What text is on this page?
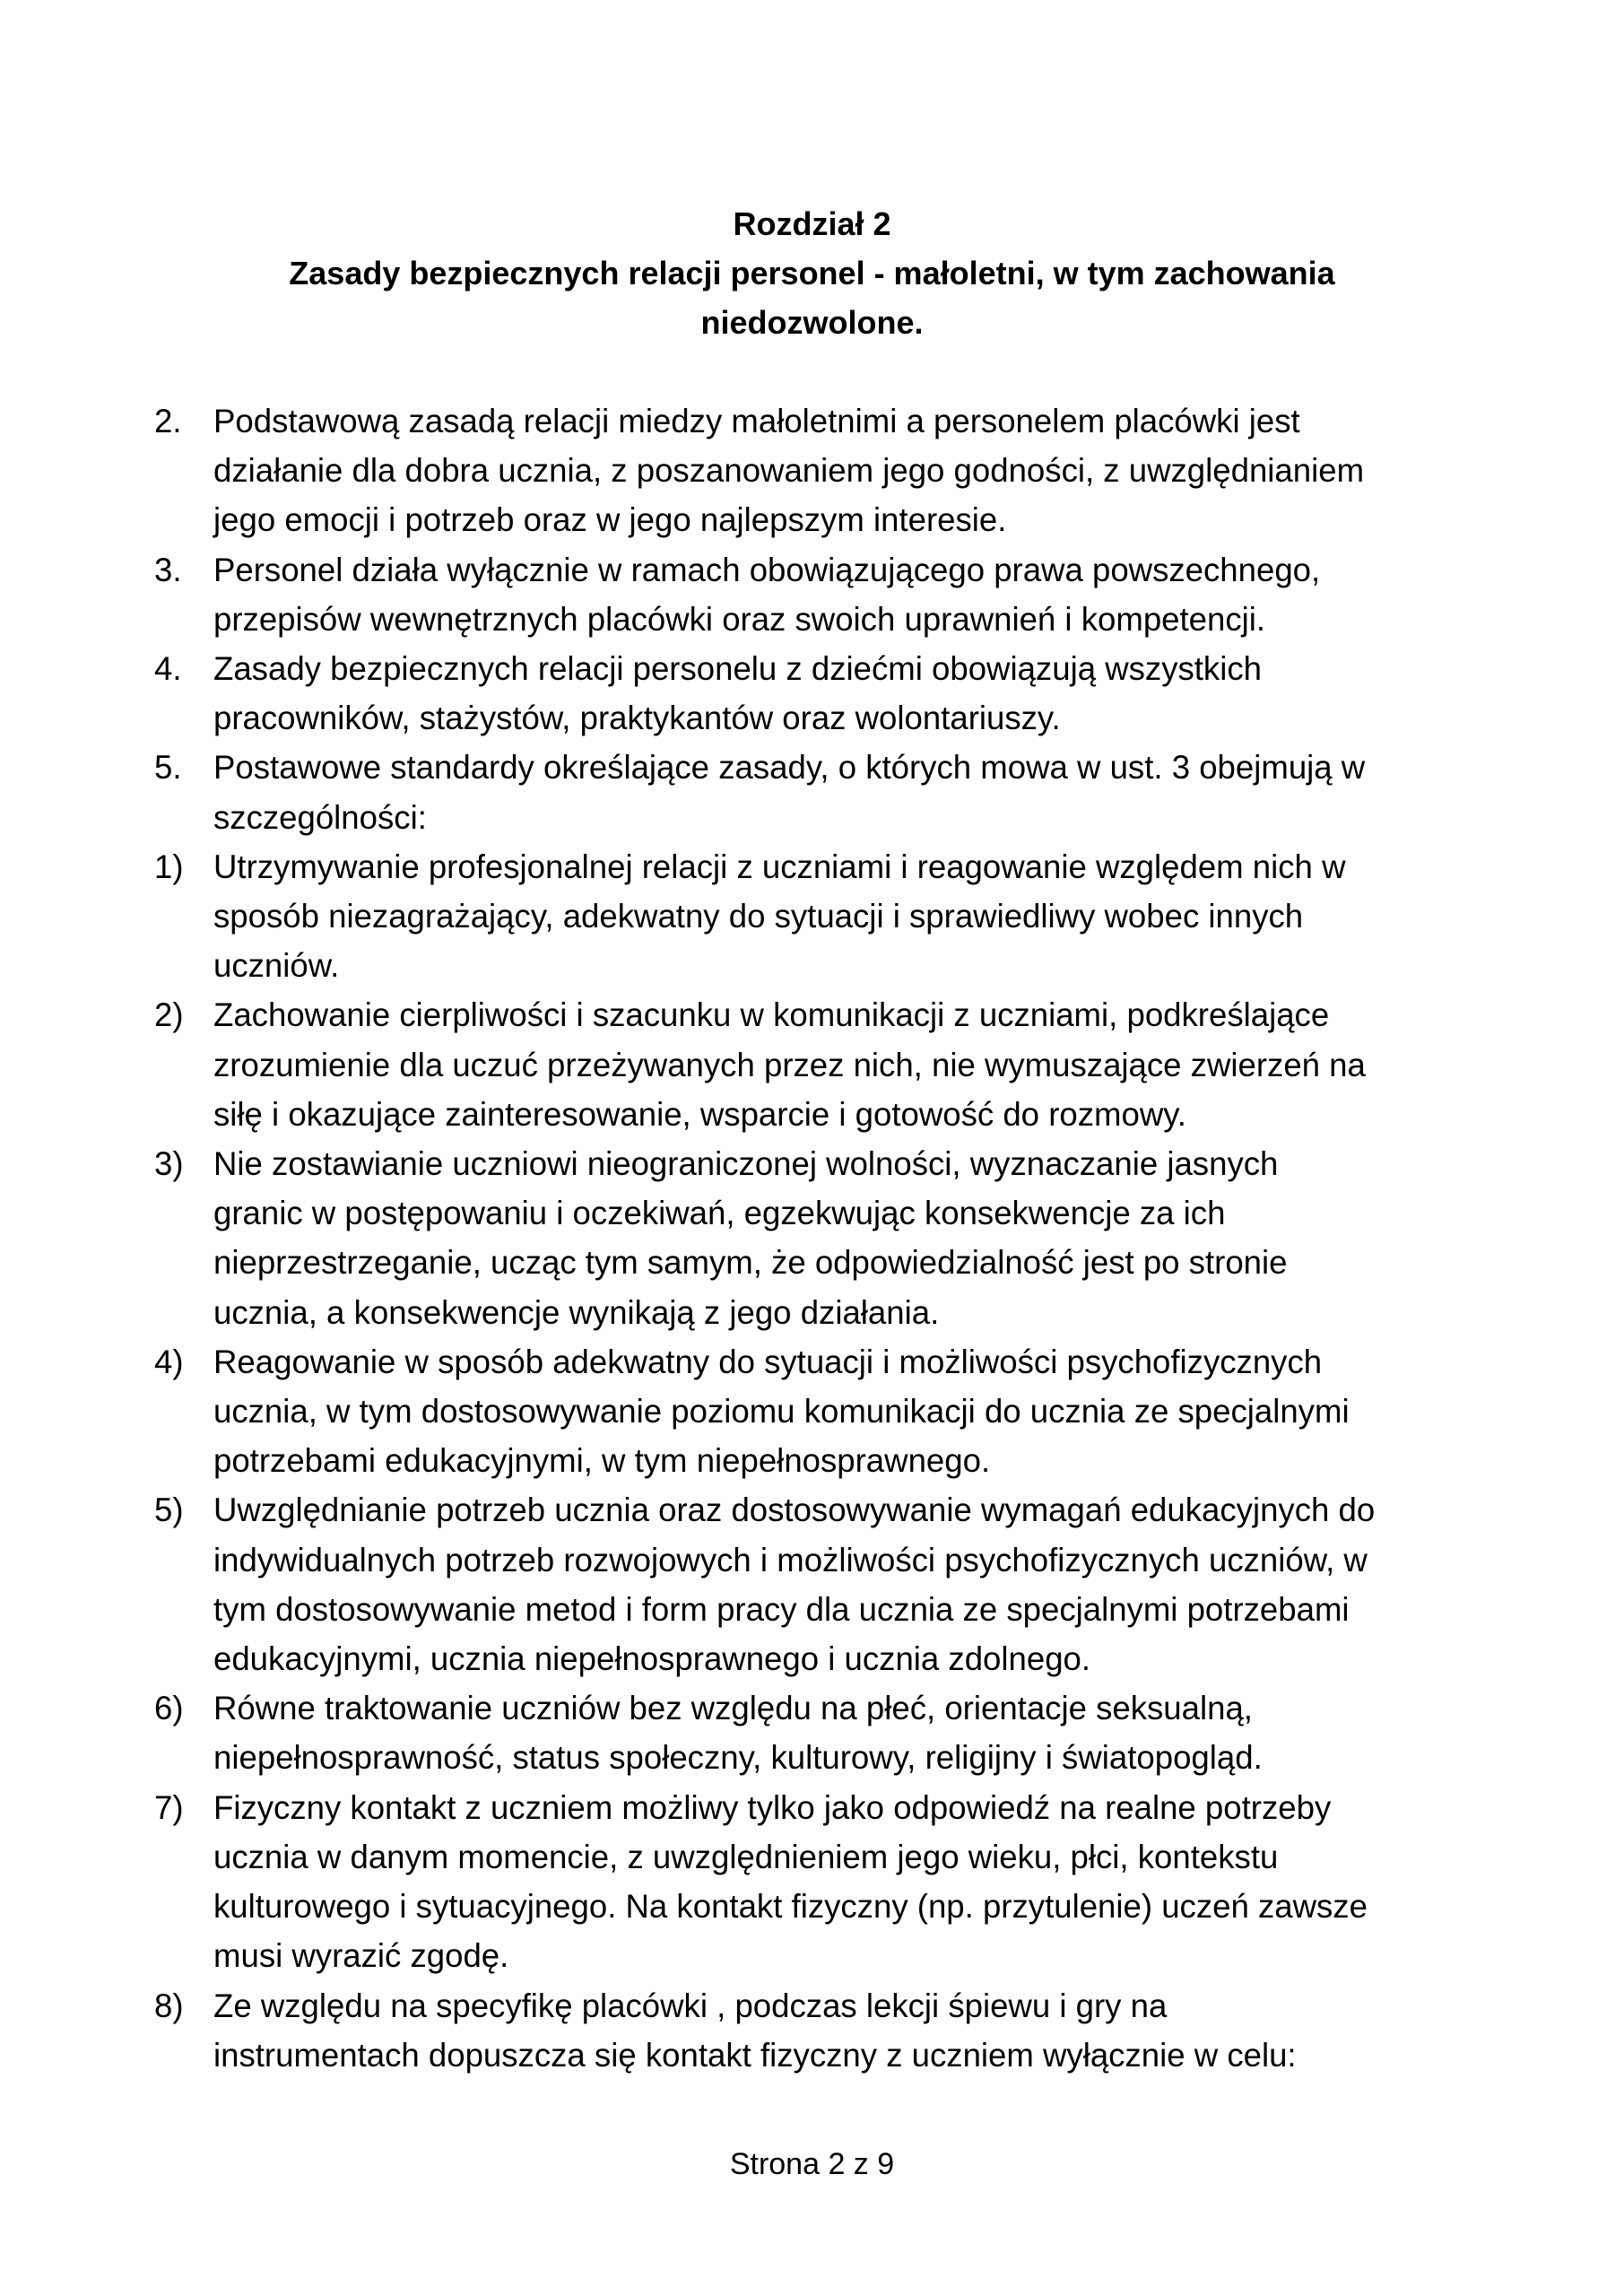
Rozdział 2
Zasady bezpiecznych relacji personel - małoletni, w tym zachowania
niedozwolone.
2. Podstawową zasadą relacji miedzy małoletnimi a personelem placówki jest
działanie dla dobra ucznia, z poszanowaniem jego godności, z uwzględnianiem
jego emocji i potrzeb oraz w jego najlepszym interesie.
3. Personel działa wyłącznie w ramach obowiązującego prawa powszechnego,
przepisów wewnętrznych placówki oraz swoich uprawnień i kompetencji.
4. Zasady bezpiecznych relacji personelu z dziećmi obowiązują wszystkich
pracowników, stażystów, praktykantów oraz wolontariuszy.
5. Postawowe standardy określające zasady, o których mowa w ust. 3 obejmują w
szczególności:
1) Utrzymywanie profesjonalnej relacji z uczniami i reagowanie względem nich w
sposób niezagrażający, adekwatny do sytuacji i sprawiedliwy wobec innych
uczniów.
2) Zachowanie cierpliwości i szacunku w komunikacji z uczniami, podkreślające
zrozumienie dla uczuć przeżywanych przez nich, nie wymuszające zwierzeń na
siłę i okazujące zainteresowanie, wsparcie i gotowość do rozmowy.
3) Nie zostawianie uczniowi nieograniczonej wolności, wyznaczanie jasnych
granic w postępowaniu i oczekiwań, egzekwując konsekwencje za ich
nieprzestrzeganie, ucząc tym samym, że odpowiedzialność jest po stronie
ucznia, a konsekwencje wynikają z jego działania.
4) Reagowanie w sposób adekwatny do sytuacji i możliwości psychofizycznych
ucznia, w tym dostosowywanie poziomu komunikacji do ucznia ze specjalnymi
potrzebami edukacyjnymi, w tym niepełnosprawnego.
5) Uwzględnianie potrzeb ucznia oraz dostosowywanie wymagań edukacyjnych do
indywidualnych potrzeb rozwojowych i możliwości psychofizycznych uczniów, w
tym dostosowywanie metod i form pracy dla ucznia ze specjalnymi potrzebami
edukacyjnymi, ucznia niepełnosprawnego i ucznia zdolnego.
6) Równe traktowanie uczniów bez względu na płeć, orientacje seksualną,
niepełnosprawność, status społeczny, kulturowy, religijny i światopogląd.
7) Fizyczny kontakt z uczniem możliwy tylko jako odpowiedź na realne potrzeby
ucznia w danym momencie, z uwzględnieniem jego wieku, płci, kontekstu
kulturowego i sytuacyjnego. Na kontakt fizyczny (np. przytulenie) uczeń zawsze
musi wyrazić zgodę.
8) Ze względu na specyfikę placówki , podczas lekcji śpiewu i gry na
instrumentach dopuszcza się kontakt fizyczny z uczniem wyłącznie w celu:
Strona 2 z 9
